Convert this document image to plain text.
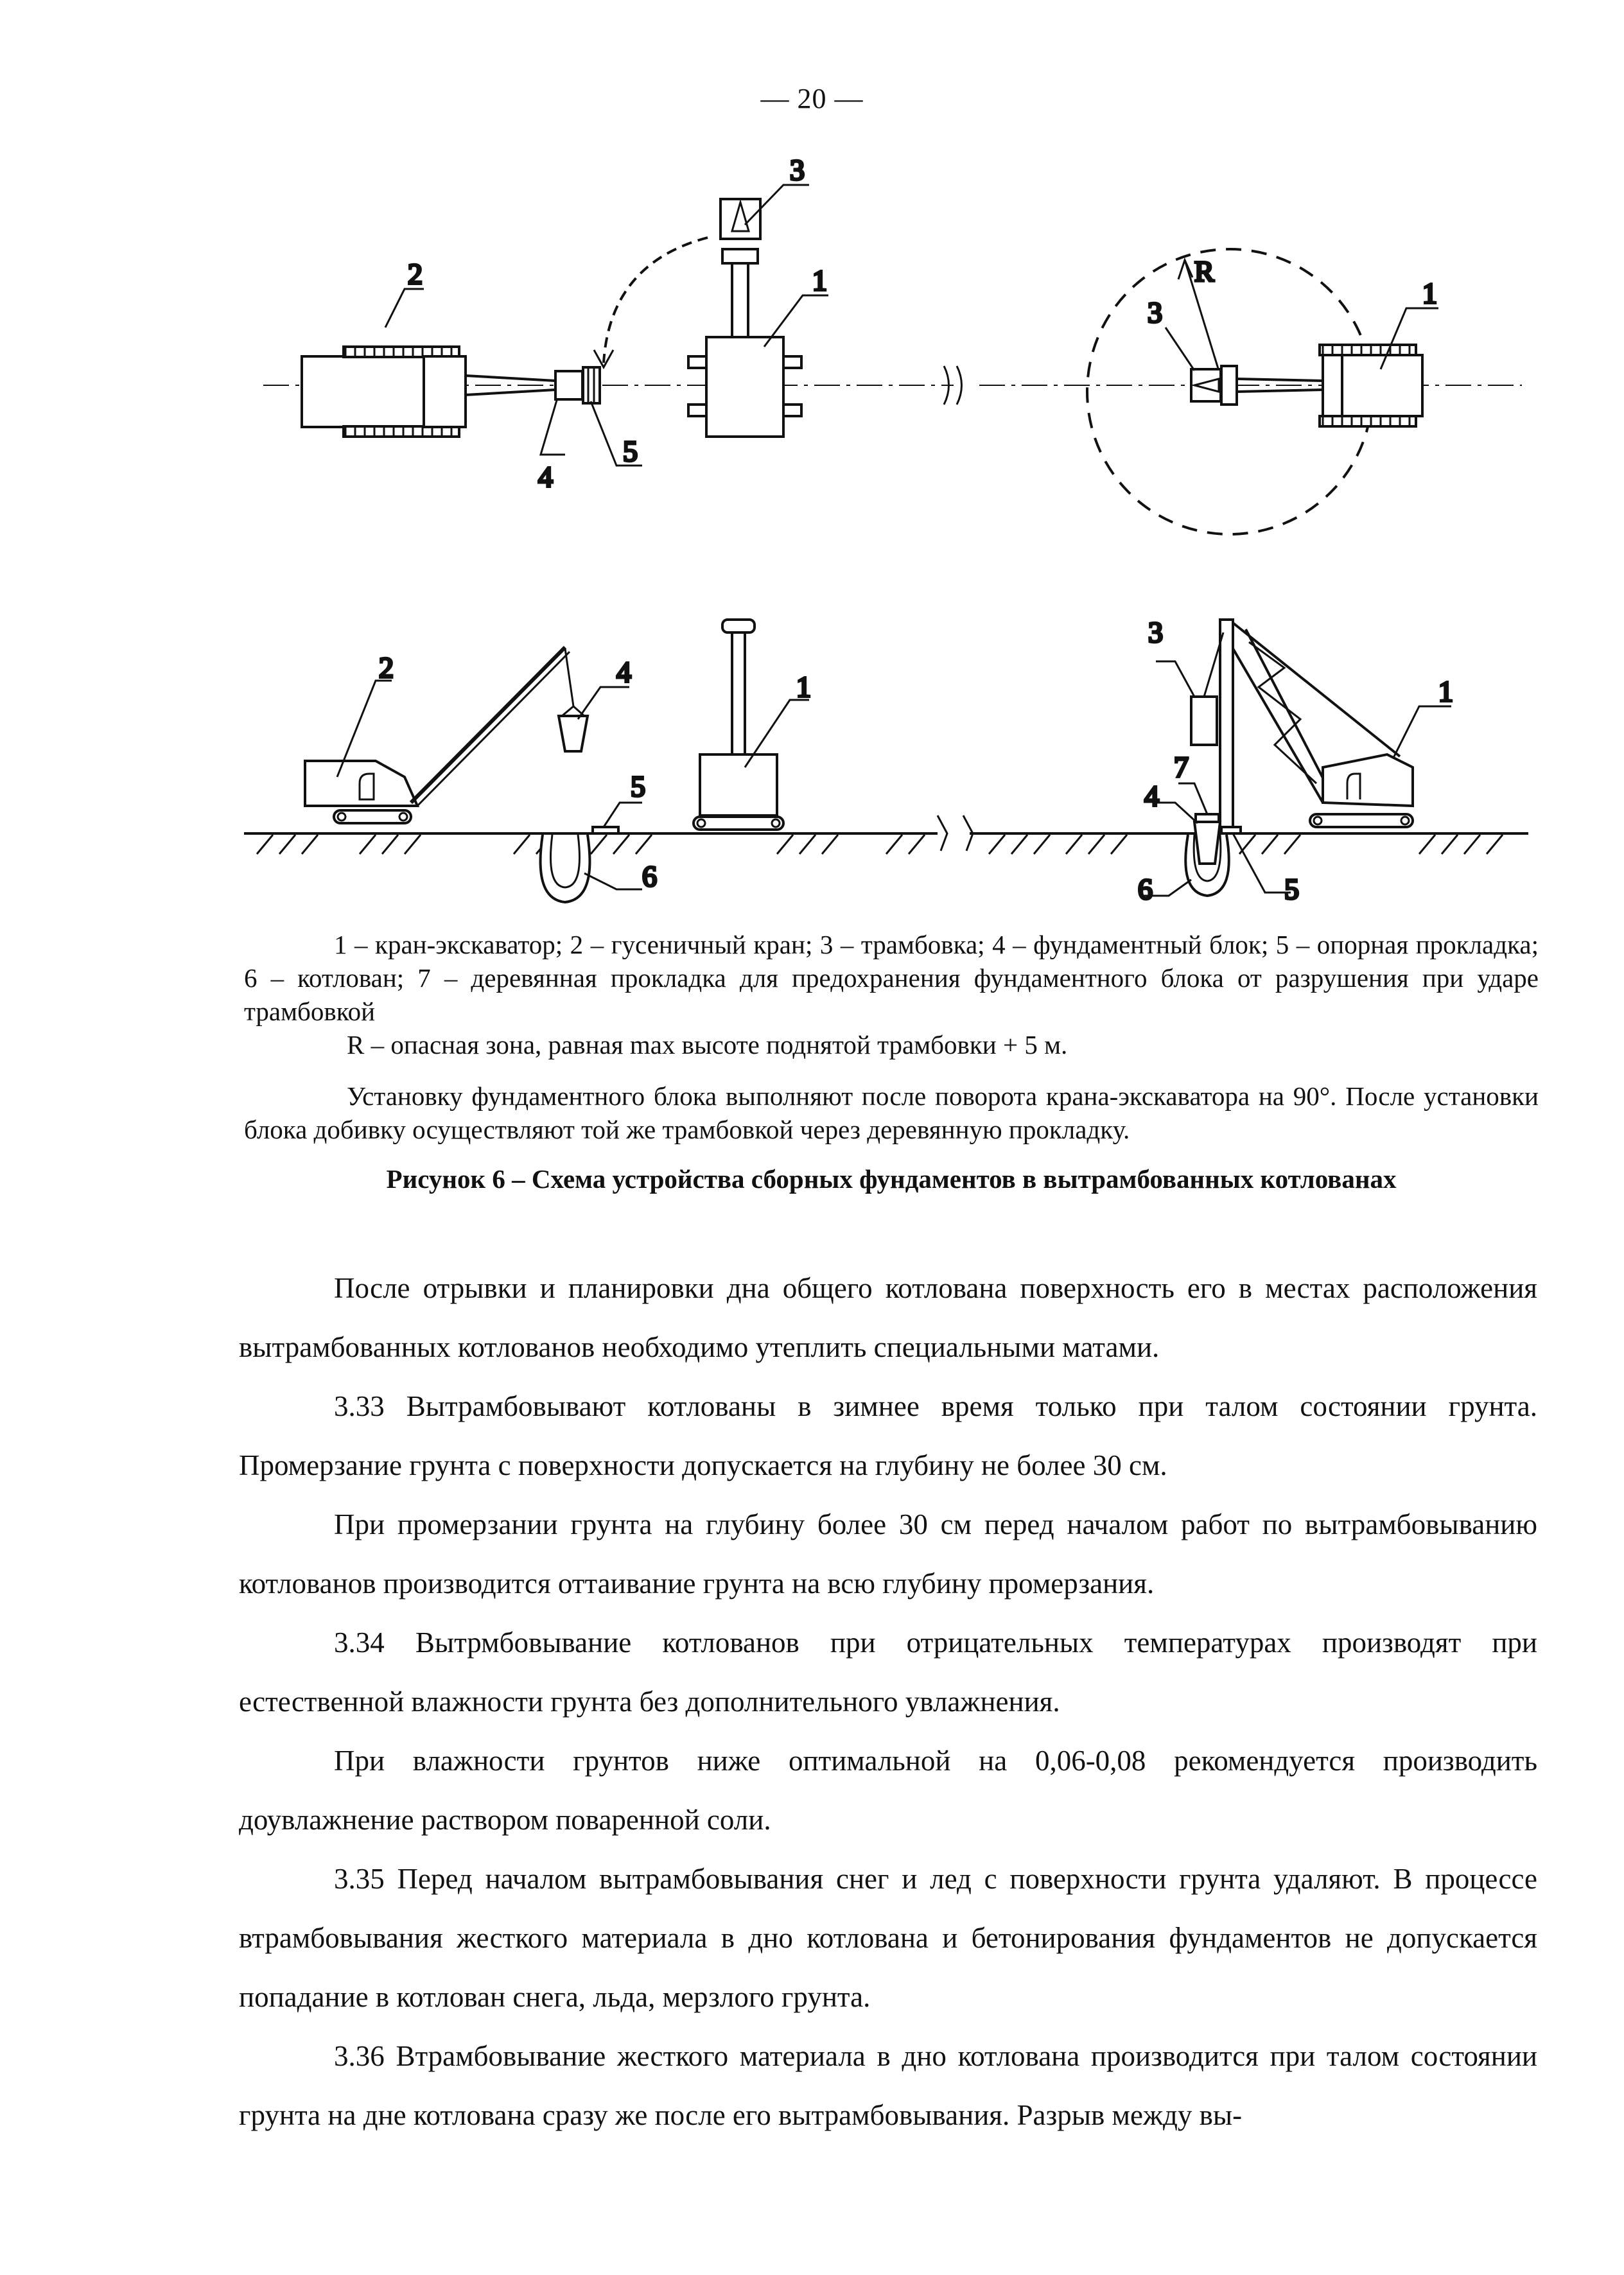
— 20 —
2
4
5
3
1	R
3
1
2	4
5
6
1
3
1
7
4
6	5

1 – кран-экскаватор; 2 – гусеничный кран; 3 – трамбовка; 4 – фундаментный блок; 5 – опорная прокладка; 6 – котлован; 7 – деревянная прокладка для предохранения фундаментного блока от разрушения при ударе трамбовкой

R – опасная зона, равная max высоте поднятой трамбовки + 5 м.

Установку фундаментного блока выполняют после поворота крана-экскаватора на 90°. После установки блока добивку осуществляют той же трамбовкой через деревянную прокладку.

Рисунок 6 – Схема устройства сборных фундаментов в вытрамбованных котлованах

После отрывки и планировки дна общего котлована поверхность его в местах расположения вытрамбованных котлованов необходимо утеплить специальными матами.

3.33 Вытрамбовывают котлованы в зимнее время только при талом состоянии грунта. Промерзание грунта с поверхности допускается на глубину не более 30 см.

При промерзании грунта на глубину более 30 см перед началом работ по вытрамбовыванию котлованов производится оттаивание грунта на всю глубину промерзания.

3.34 Вытрмбовывание котлованов при отрицательных температурах производят при естественной влажности грунта без дополнительного увлажнения.

При влажности грунтов ниже оптимальной на 0,06-0,08 рекомендуется производить доувлажнение раствором поваренной соли.

3.35 Перед началом вытрамбовывания снег и лед с поверхности грунта удаляют. В процессе втрамбовывания жесткого материала в дно котлована и бетонирования фундаментов не допускается попадание в котлован снега, льда, мерзлого грунта.

3.36 Втрамбовывание жесткого материала в дно котлована производится при талом состоянии грунта на дне котлована сразу же после его вытрамбовывания. Разрыв между вы-
